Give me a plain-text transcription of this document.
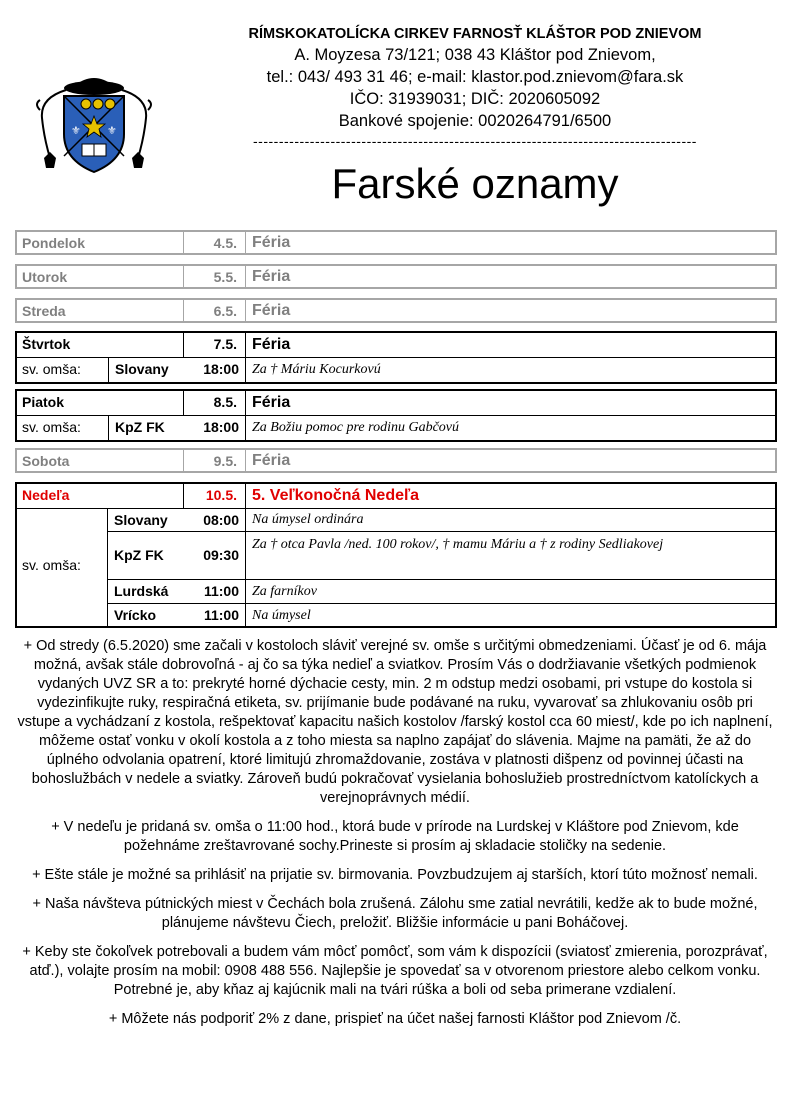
⚜ ⚜
RÍMSKOKATOLÍCKA CIRKEV FARNOSŤ KLÁŠTOR POD ZNIEVOM
A. Moyzesa 73/121; 038 43 Kláštor pod Znievom,
tel.: 043/ 493 31 46; e-mail: klastor.pod.znievom@fara.sk
IČO: 31939031; DIČ: 2020605092
Bankové spojenie: 0020264791/6500
--------------------------------------------------------------------------------------
Farské oznamy
Pondelok	4.5. Féria
Utorok	5.5. Féria
Streda	6.5. Féria
Štvrtok	7.5. Féria
sv. omša:	Slovany	18:00 Za † Máriu Kocurkovú
Piatok	8.5. Féria
sv. omša:	KpZ FK	18:00 Za Božiu pomoc pre rodinu Gabčovú
Sobota	9.5. Féria
Nedeľa	10.5. 5. Veľkonočná Nedeľa
sv. omša:
Slovany	08:00 Na úmysel ordinára
KpZ FK	09:30
Za † otca Pavla /ned. 100 rokov/, † mamu Máriu a † z rodiny Sedliakovej
Lurdská	11:00 Za farníkov
Vrícko	11:00 Na úmysel

+ Od stredy (6.5.2020) sme začali v kostoloch sláviť verejné sv. omše s určitými obmedzeniami. Účasť je od 6. mája možná, avšak stále dobrovoľná - aj čo sa týka nedieľ a sviatkov. Prosím Vás o dodržiavanie všetkých podmienok vydaných UVZ SR a to: prekryté horné dýchacie cesty, min. 2 m odstup medzi osobami, pri vstupe do kostola si vydezinfikujte ruky, respiračná etiketa, sv. prijímanie bude podávané na ruku, vyvarovať sa zhlukovaniu osôb pri vstupe a vychádzaní z kostola, rešpektovať kapacitu našich kostolov /farský kostol cca 60 miest/, kde po ich naplnení, môžeme ostať vonku v okolí kostola a z toho miesta sa naplno zapájať do slávenia. Majme na pamäti, že až do úplného odvolania opatrení, ktoré limitujú zhromaždovanie, zostáva v platnosti dišpenz od povinnej účasti na bohoslužbách v nedele a sviatky. Zároveň budú pokračovať vysielania bohoslužieb prostredníctvom katolíckych a verejnoprávnych médií.

+ V nedeľu je pridaná sv. omša o 11:00 hod., ktorá bude v prírode na Lurdskej v Kláštore pod Znievom, kde požehnáme zreštavrované sochy.Prineste si prosím aj skladacie stoličky na sedenie.

+ Ešte stále je možné sa prihlásiť na prijatie sv. birmovania. Povzbudzujem aj starších, ktorí túto možnosť nemali.

+ Naša návšteva pútnických miest v Čechách bola zrušená. Zálohu sme zatial nevrátili, kedže ak to bude možné, plánujeme návštevu Čiech, preložiť. Bližšie informácie u pani Boháčovej.

+ Keby ste čokoľvek potrebovali a budem vám môcť pomôcť, som vám k dispozícii (sviatosť zmierenia, porozprávať, atď.), volajte prosím na mobil: 0908 488 556. Najlepšie je spovedať sa v otvorenom priestore alebo celkom vonku. Potrebné je, aby kňaz aj kajúcnik mali na tvári rúška a boli od seba primerane vzdialení.

+ Môžete nás podporiť 2% z dane, prispieť na účet našej farnosti Kláštor pod Znievom /č.
